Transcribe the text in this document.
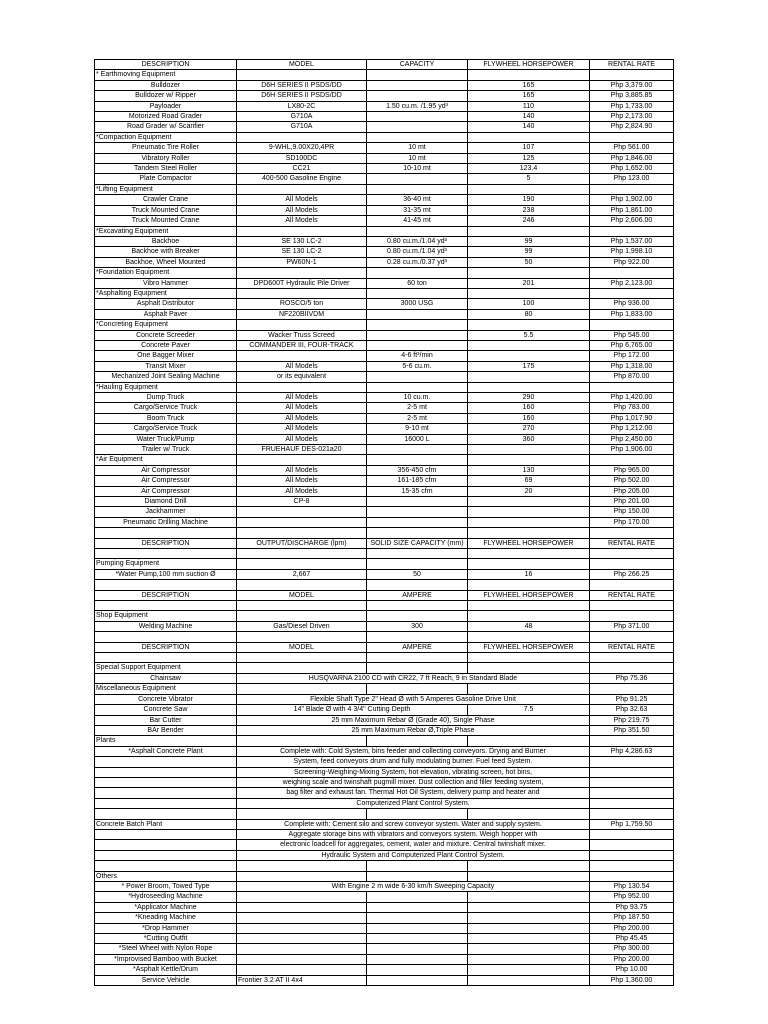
DESCRIPTION	MODEL	CAPACITY	FLYWHEEL HORSEPOWER	RENTAL RATE
* Earthmoving Equipment				
Bulldozer	D6H SERIES II PSDS/DD		165	Php 3,379.00
Bulldozer w/ Ripper	D6H SERIES II PSDS/DD		165	Php 3,885.85
Payloader	LX80-2C	1.50 cu.m. /1.95 yd³	110	Php 1,733.00
Motorized Road Grader	G710A		140	Php 2,173.00
Road Grader w/ Scarifier	G710A		140	Php 2,824.90
*Compaction Equipment				
Pneumatic Tire Roller	9-WHL,9.00X20,4PR	10 mt	107	Php 561.00
Vibratory Roller	SD100DC	10 mt	125	Php 1,846.00
Tandem Steel Roller	CC21	10-10 mt	123.4	Php 1,652.00
Plate Compactor	400-500 Gasoline Engine		5	Php 123.00
*Lifting Equipment				
Crawler Crane	All Models	36-40 mt	190	Php 1,902.00
Truck Mounted Crane	All Models	31-35 mt	238	Php 1,861.00
Truck Mounted Crane	All Models	41-45 mt	246	Php 2,606.00
*Excavating Equipment				
Backhoe	SE 130 LC-2	0.80 cu.m./1.04 yd³	99	Php 1,537.00
Backhoe with Breaker	SE 130 LC-2	0.80 cu.m./1.04 yd³	99	Php 1,998.10
Backhoe, Wheel Mounted	PW60N-1	0.28 cu.m./0.37 yd³	50	Php 922.00
*Foundation Equipment				
Vibro Hammer	DPD600T Hydraulic Pile Driver	60 ton	201	Php 2,123.00
*Asphalting Equipment				
Asphalt Distributor	ROSCO/5 ton	3000 USG	100	Php 936.00
Asphalt Paver	NF220BIIVDM		80	Php 1,833.00
*Concreting Equipment				
Concrete Screeder	Wacker Truss Screed		5.5	Php 545.00
Concrete Paver	COMMANDER III, FOUR-TRACK			Php 6,765.00
One Bagger Mixer		4-6 ft³/min		Php 172.00
Transit Mixer	All Models	5-6 cu.m.	175	Php 1,318.00
Mechanized Joint Sealing Machine	or its equivalent			Php 870.00
*Hauling Equipment				
Dump Truck	All Models	10 cu.m.	290	Php 1,420.00
Cargo/Service Truck	All Models	2-5 mt	160	Php 783.00
Boom Truck	All Models	2-5 mt	160	Php 1,017.90
Cargo/Service Truck	All Models	9-10 mt	270	Php 1,212.00
Water Truck/Pump	All Models	16000 L	360	Php 2,450.00
Trailer w/ Truck	FRUEHAUF DES-021a20			Php 1,906.00
*Air Equipment				
Air Compressor	All Models	356-450 cfm	130	Php 965.00
Air Compressor	All Models	161-185 cfm	69	Php 502.00
Air Compressor	All Models	15-35 cfm	20	Php 205.00
Diamond Drill	CP-8			Php 201.00
Jackhammer				Php 150.00
Pneumatic Drilling Machine				Php 170.00

DESCRIPTION	OUTPUT/DISCHARGE (lpm)	SOLID SIZE CAPACITY (mm)	FLYWHEEL HORSEPOWER	RENTAL RATE

Pumping Equipment				
*Water Pump,100 mm suction Ø	2,667	50	16	Php 266.25

DESCRIPTION	MODEL	AMPERE	FLYWHEEL HORSEPOWER	RENTAL RATE

Shop Equipment				
Welding Machine	Gas/Diesel Driven	300	48	Php 371.00

DESCRIPTION	MODEL	AMPERE	FLYWHEEL HORSEPOWER	RENTAL RATE

Special Support Equipment				
Chainsaw	HUSQVARNA 2100 CD with CR22, 7 ft Reach, 9 in Standard Blade			Php 75.36
Miscellaneous Equipment				
Concrete Vibrator	Flexible Shaft Type 2" Head Ø with 5 Amperes Gasoline Drive Unit			Php 91.25
Concrete Saw	14" Blade Ø with 4 3/4" Cutting Depth		7.5	Php 32.63
Bar Cutter	25 mm Maximum Rebar Ø (Grade 40), Single Phase			Php 219.75
BAr Bender	25 mm Maximum Rebar Ø,Triple Phase			Php 351.50
Plants				
*Asphalt Concrete Plant	Complete with: Cold System, bins feeder and collecting conveyors. Drying and Burner			Php 4,286.63
	System, feed conveyors drum and fully modulating burner. Fuel feed System.			
	Screening-Weighing-Mixing System, hot elevation, vibrating screen, hot bins,			
	weighing scale and twinshaft pugmill mixer. Dust collection and filler feeding system,			
	bag filter and exhaust fan. Thermal Hot Oil System, delivery pump and heater and			
	Computerized Plant Control System.			

Concrete Batch Plant	Complete with: Cement silo and screw conveyor system. Water and supply system.			Php 1,759.50
	Aggregate storage bins with vibrators and conveyors system. Weigh hopper with			
	electronic loadcell for aggregates, cement, water and mixture. Central twinshaft mixer.			
	Hydraulic System and Computerized Plant Control System.			

Others				
* Power Broom, Towed Type	With Engine 2 m wide 6-30 km/h Sweeping Capacity			Php 130.54
*Hydroseeding Machine				Php 952.00
*Applicator Machine				Php 93.75
*Kneading Machine				Php 187.50
*Drop Hammer				Php 200.00
*Cutting Outfit				Php 45.45
*Steel Wheel with Nylon Rope				Php 300.00
*Improvised Bamboo with Bucket				Php 200.00
*Asphalt Kettle/Drum				Php 10.00
Service Vehicle	Frontier 3.2 AT II 4x4			Php 1,360.00
